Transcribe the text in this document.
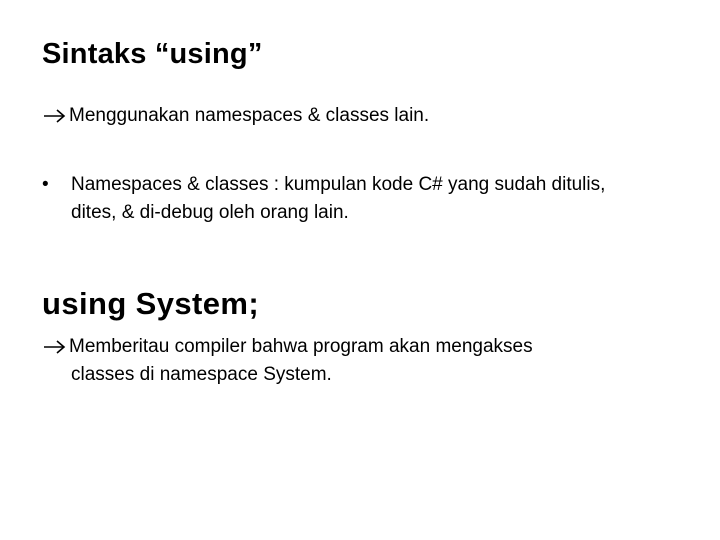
Sintaks “using”
Menggunakan namespaces & classes lain.
• Namespaces & classes : kumpulan kode C# yang sudah ditulis,
dites, & di-debug oleh orang lain.
using System;
Memberitau compiler bahwa program akan mengakses
classes di namespace System.
